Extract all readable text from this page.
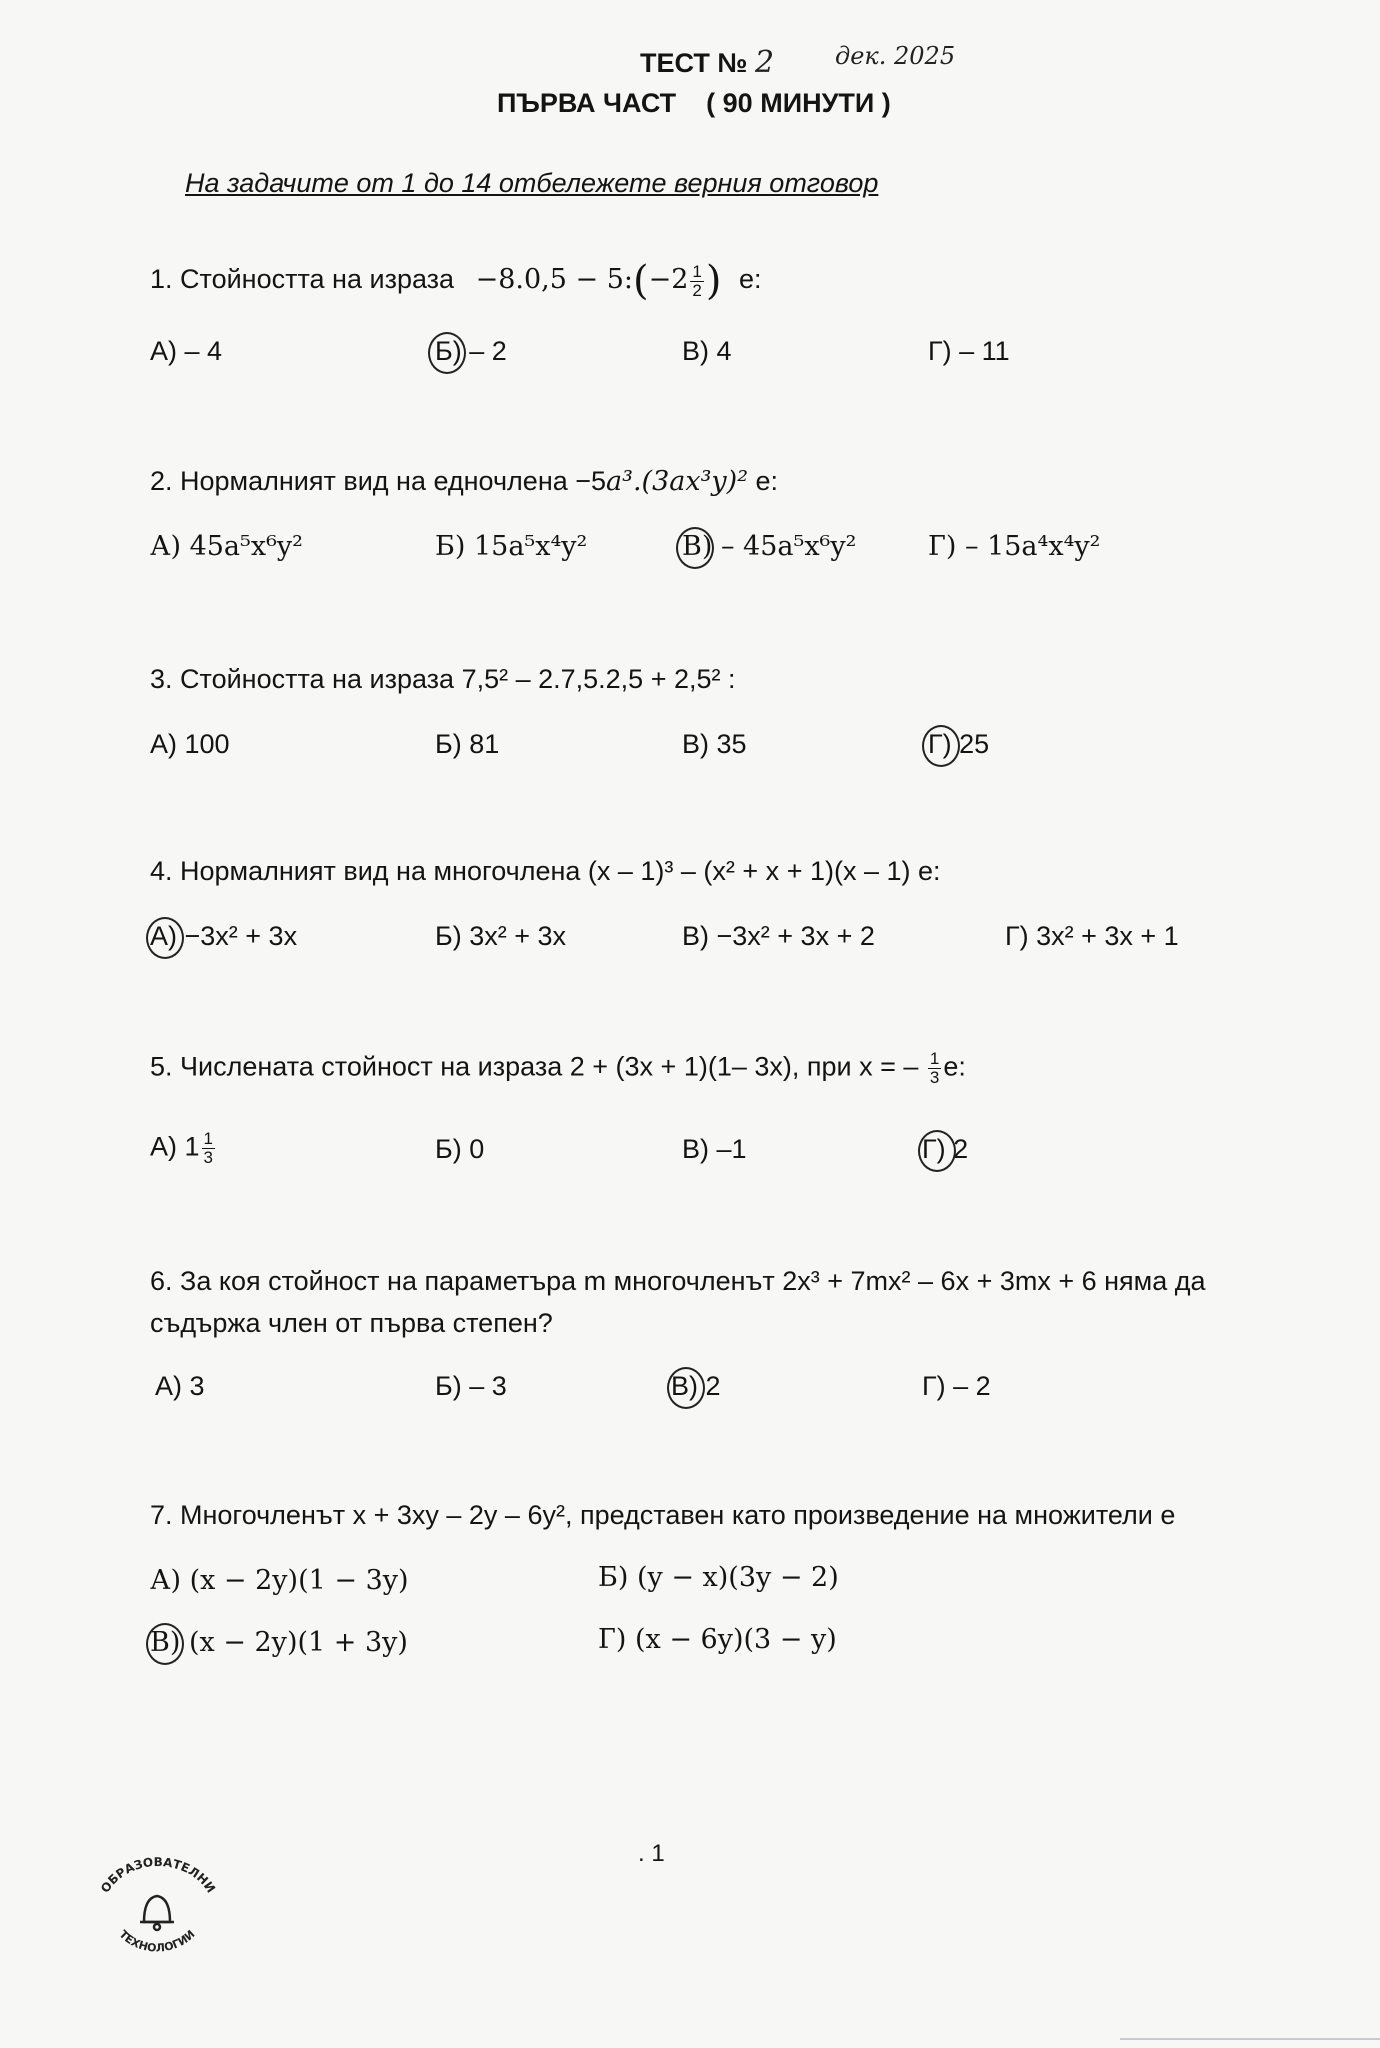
ТЕСТ № 2	дек. 2025
ПЪРВА ЧАСТ    ( 90 МИНУТИ )
На задачите от 1 до 14 отбележете верния отговор
1. Стойността на израза −8.0,5 − 5:(−2 $\frac{1}{2}$ ) е:
А) – 4	Б) – 2	В) 4	Г) – 11
2. Нормалният вид на едночлена −5a³.(3ax³y)² е:
А) 45a⁵x⁶y²	Б) 15a⁵x⁴y²	В) – 45a⁵x⁶y²	Г) – 15a⁴x⁴y²
3. Стойността на израза 7,5² – 2.7,5.2,5 + 2,5² :
А) 100	Б) 81	В) 35	Г) 25
4. Нормалният вид на многочлена (x – 1)³ – (x² + x + 1)(x – 1) е:
А) −3x² + 3x	Б) 3x² + 3x	В) −3x² + 3x + 2	Г) 3x² + 3x + 1
5. Числената стойност на израза 2 + (3x + 1)(1– 3x), при x = – $\frac{1}{3} е$:
А) $1 \frac{1}{3}$	Б) 0	В) –1	Г) 2
6. За коя стойност на параметъра m многочленът 2x³ + 7mx² – 6x + 3mx + 6 няма да съдържа член от първа степен?
А) 3	Б) – 3	В) 2	Г) – 2
7. Многочленът x + 3xy – 2y – 6y², представен като произведение на множители е
А) (x − 2y)(1 − 3y)	Б) (y − x)(3y − 2)
В) (x − 2y)(1 + 3y)	Г) (x − 6y)(3 − y)
. 1
ОБРАЗОВАТЕЛНИ
ТЕХНОЛОГИИ
